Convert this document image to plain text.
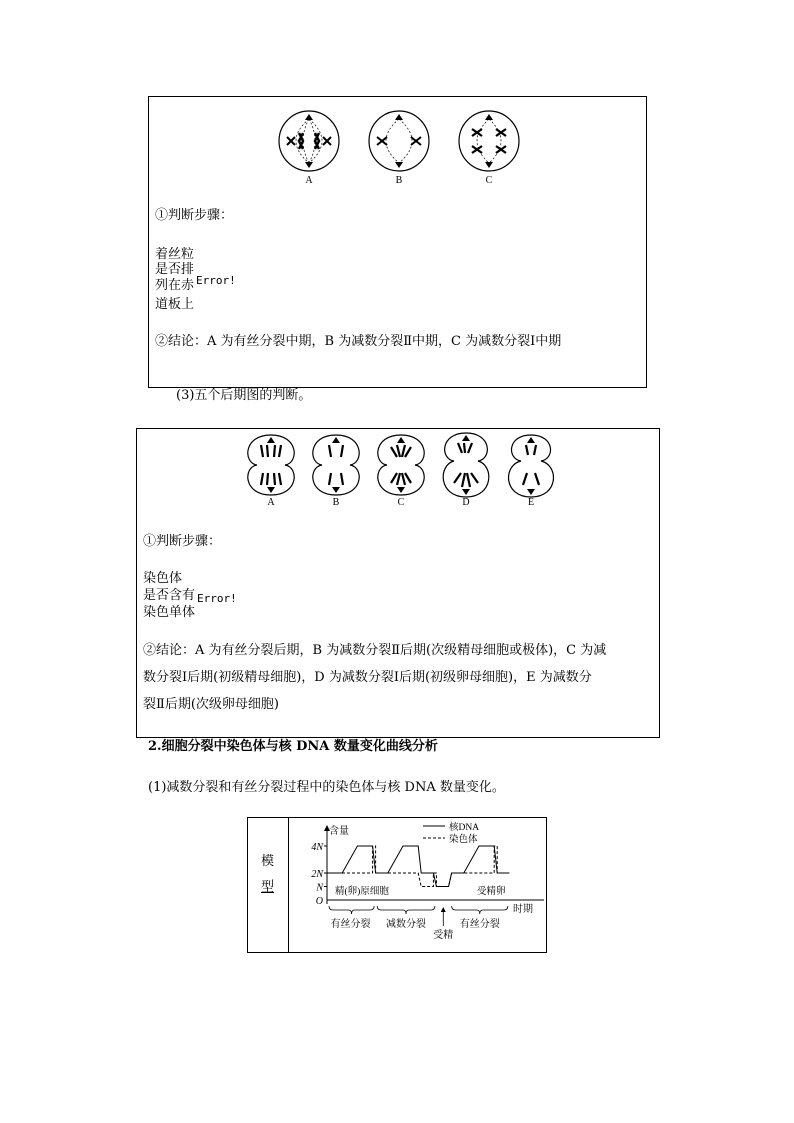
A	B	C
①判断步骤：
着丝粒
是否排
Error!
列在赤
道板上
②结论：A 为有丝分裂中期，B 为减数分裂Ⅱ中期，C 为减数分裂Ⅰ中期
(3)五个后期图的判断。
A	B	C	D	E
①判断步骤：
染色体
是否含有 Error!
染色单体
②结论：A 为有丝分裂后期，B 为减数分裂Ⅱ后期(次级精母细胞或极体)，C 为减
数分裂Ⅰ后期(初级精母细胞)，D 为减数分裂Ⅰ后期(初级卵母细胞)，E 为减数分
裂Ⅱ后期(次级卵母细胞)
2.细胞分裂中染色体与核 DNA 数量变化曲线分析
(1)减数分裂和有丝分裂过程中的染色体与核 DNA 数量变化。
模
型
4N
2N
N
O
含量
时期
核DNA
染色体
精(卵)原细胞	受精卵
有丝分裂 减数分裂
受精
有丝分裂
